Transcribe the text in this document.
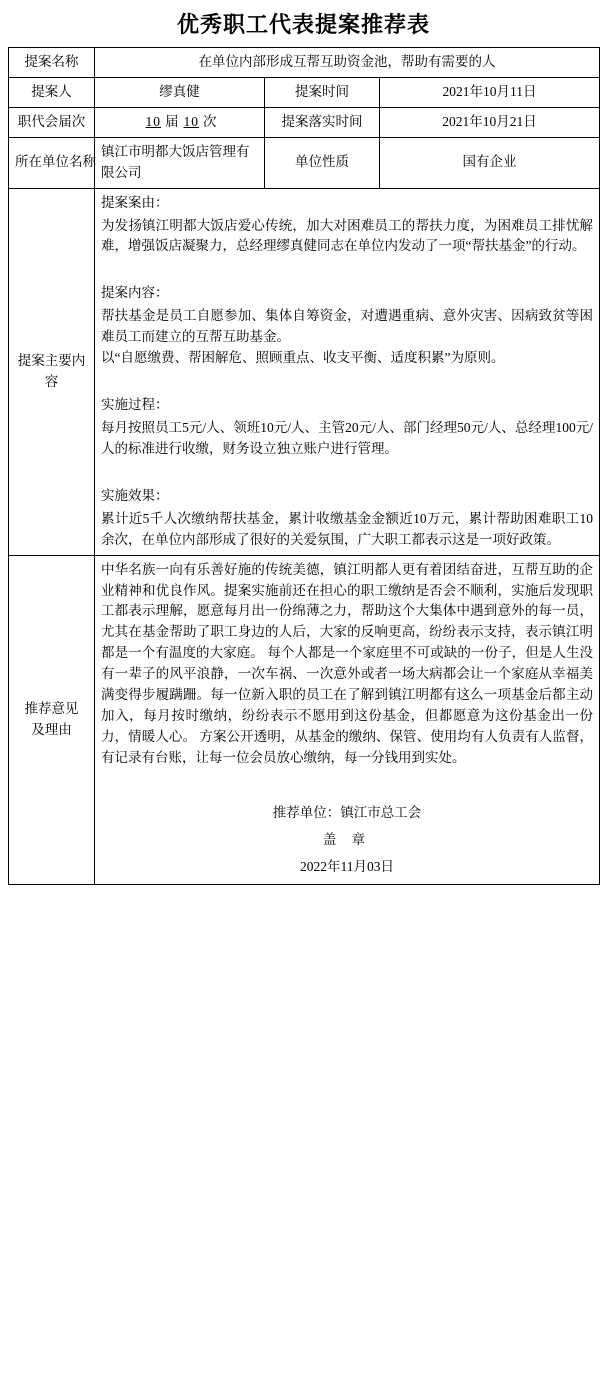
优秀职工代表提案推荐表
提案名称	在单位内部形成互帮互助资金池，帮助有需要的人		
提案人	缪真健	提案时间	2021年10月11日
职代会届次	10 届 10 次	提案落实时间	2021年10月21日
所在单位名称	镇江市明都大饭店管理有限公司	单位性质	国有企业
提案主要内容	

提案案由：

为发扬镇江明都大饭店爱心传统，加大对困难员工的帮扶力度，为困难员工排忧解难，增强饭店凝聚力，总经理缪真健同志在单位内发动了一项“帮扶基金”的行动。

提案内容：

帮扶基金是员工自愿参加、集体自筹资金，对遭遇重病、意外灾害、因病致贫等困难员工而建立的互帮互助基金。

以“自愿缴费、帮困解危、照顾重点、收支平衡、适度积累”为原则。

实施过程：

每月按照员工5元/人、领班10元/人、主管20元/人、部门经理50元/人、总经理100元/人的标准进行收缴，财务设立独立账户进行管理。

实施效果：

累计近5千人次缴纳帮扶基金，累计收缴基金金额近10万元，累计帮助困难职工10余次，在单位内部形成了很好的关爱氛围，广大职工都表示这是一项好政策。

推荐意见
及理由

中华名族一向有乐善好施的传统美德，镇江明都人更有着团结奋进，互帮互助的企业精神和优良作风。提案实施前还在担心的职工缴纳是否会不顺利，实施后发现职工都表示理解，愿意每月出一份绵薄之力，帮助这个大集体中遇到意外的每一员，尤其在基金帮助了职工身边的人后，大家的反响更高，纷纷表示支持，表示镇江明都是一个有温度的大家庭。 每个人都是一个家庭里不可或缺的一份子，但是人生没有一辈子的风平浪静，一次车祸、一次意外或者一场大病都会让一个家庭从幸福美满变得步履蹒跚。每一位新入职的员工在了解到镇江明都有这么一项基金后都主动加入，每月按时缴纳，纷纷表示不愿用到这份基金，但都愿意为这份基金出一份力，情暖人心。 方案公开透明，从基金的缴纳、保管、使用均有人负责有人监督，有记录有台账，让每一位会员放心缴纳，每一分钱用到实处。

推荐单位：镇江市总工会
盖 章
2022年11月03日
